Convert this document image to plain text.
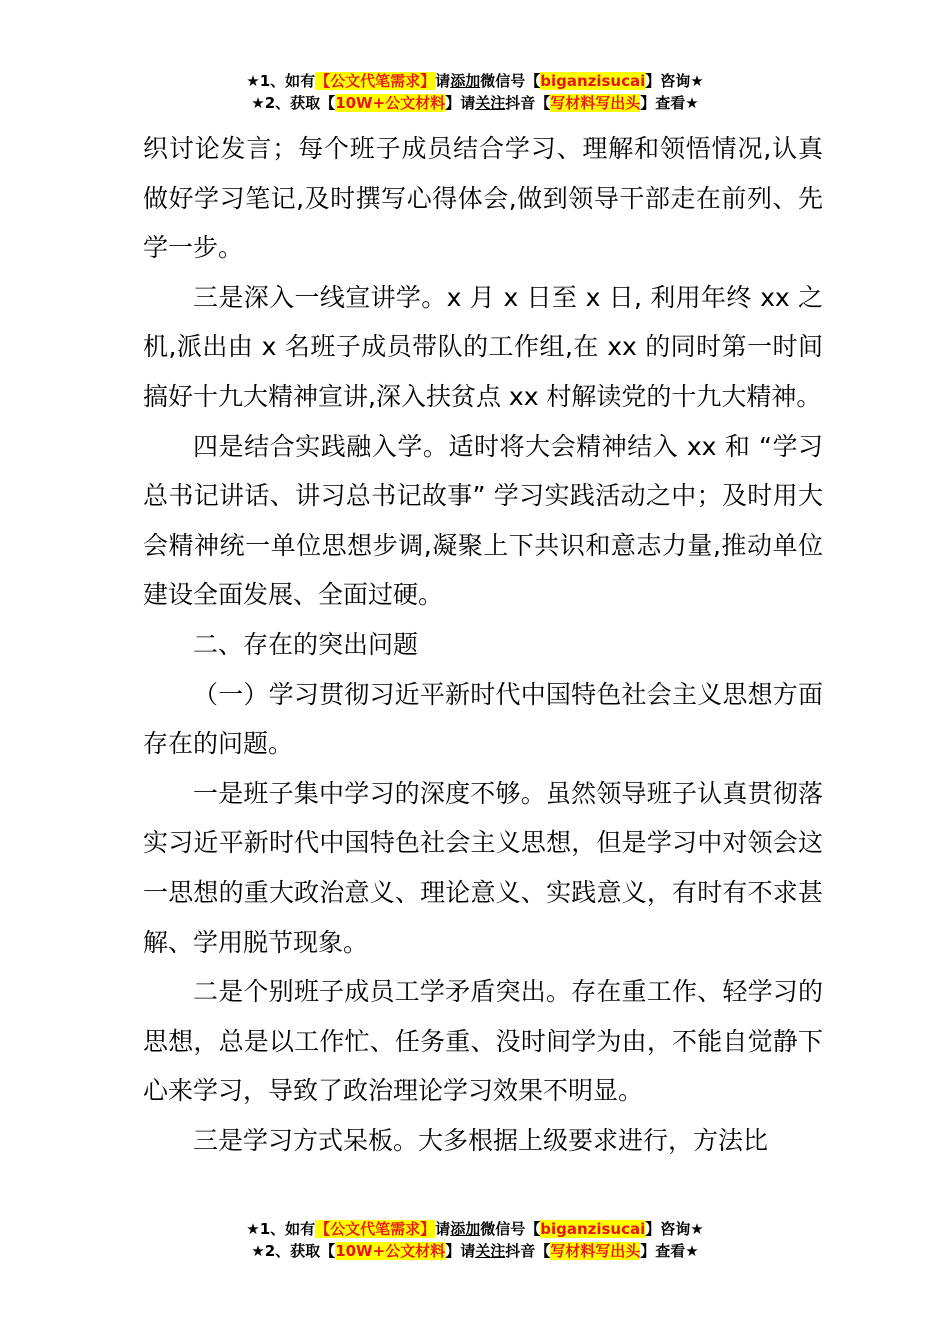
★1、如有【公文代笔需求】请添加微信号【biganzisucai】咨询★
★2、获取【10W+公文材料】请关注抖音【写材料写出头】查看★

织讨论发言；每个班子成员结合学习、理解和领悟情况,认真做好学习笔记,及时撰写心得体会,做到领导干部走在前列、先学一步。

三是深入一线宣讲学。x 月 x 日至 x 日, 利用年终 xx 之机,派出由 x 名班子成员带队的工作组,在 xx 的同时第一时间搞好十九大精神宣讲,深入扶贫点 xx 村解读党的十九大精神。

四是结合实践融入学。适时将大会精神结入 xx 和 “学习总书记讲话、讲习总书记故事” 学习实践活动之中；及时用大会精神统一单位思想步调,凝聚上下共识和意志力量,推动单位建设全面发展、全面过硬。

二、存在的突出问题

（一）学习贯彻习近平新时代中国特色社会主义思想方面存在的问题。

一是班子集中学习的深度不够。虽然领导班子认真贯彻落实习近平新时代中国特色社会主义思想，但是学习中对领会这一思想的重大政治意义、理论意义、实践意义，有时有不求甚解、学用脱节现象。

二是个别班子成员工学矛盾突出。存在重工作、轻学习的思想，总是以工作忙、任务重、没时间学为由，不能自觉静下心来学习，导致了政治理论学习效果不明显。

三是学习方式呆板。大多根据上级要求进行，方法比

★1、如有【公文代笔需求】请添加微信号【biganzisucai】咨询★
★2、获取【10W+公文材料】请关注抖音【写材料写出头】查看★
